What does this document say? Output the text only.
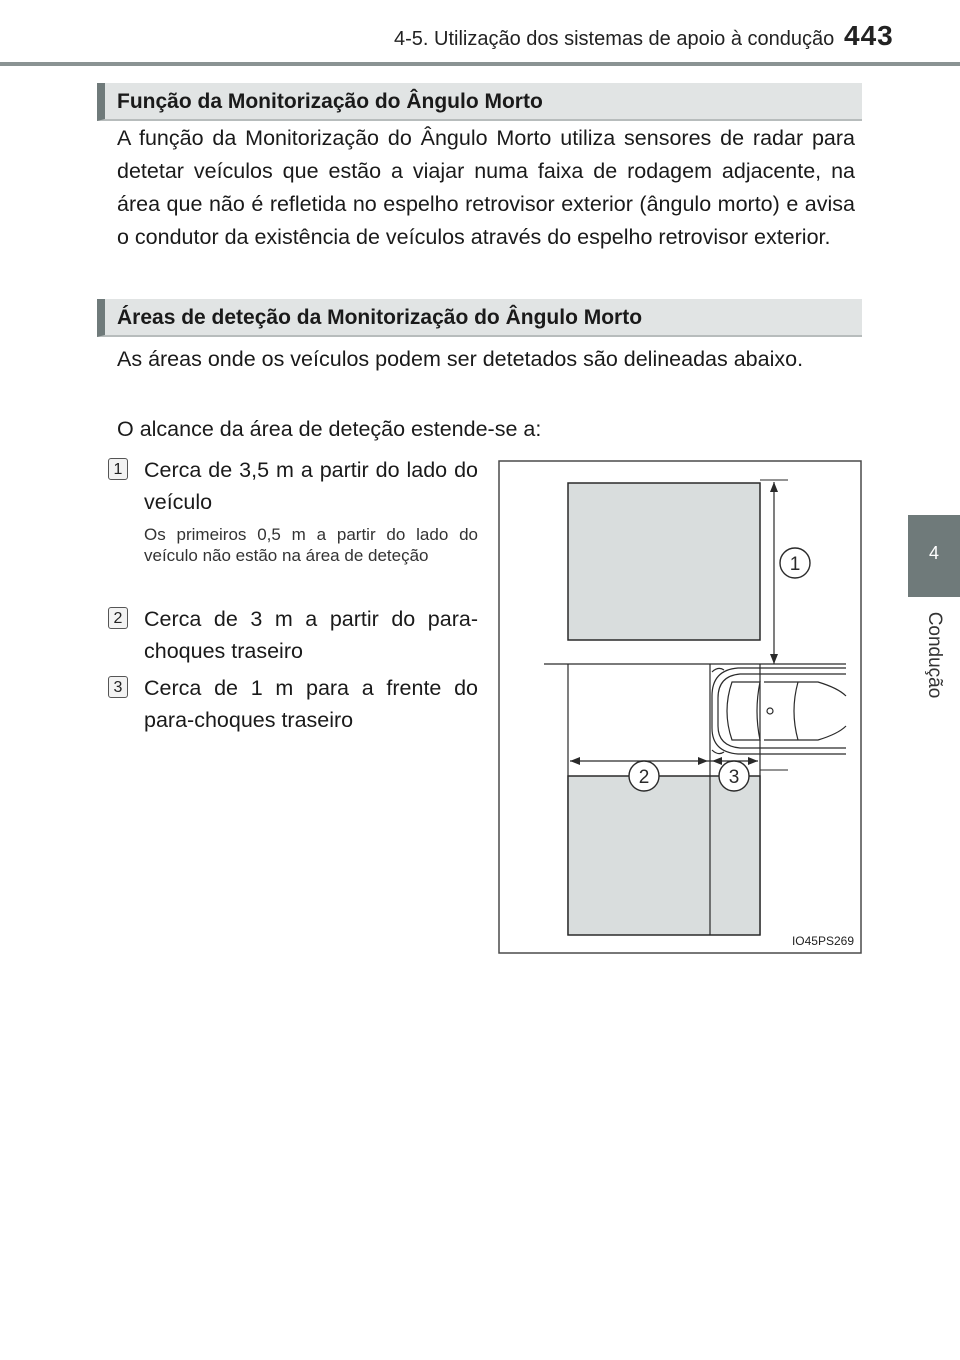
4-5. Utilização dos sistemas de apoio à condução 443
4
Condução
Função da Monitorização do Ângulo Morto
A função da Monitorização do Ângulo Morto utiliza sensores de radar para detetar veículos que estão a viajar numa faixa de rodagem adjacente, na área que não é refletida no espelho retrovisor exterior (ângulo morto) e avisa o condutor da existência de veículos através do espelho retrovisor exterior.
Áreas de deteção da Monitorização do Ângulo Morto
As áreas onde os veículos podem ser detetados são delineadas abaixo.
O alcance da área de deteção estende-se a:
1 Cerca de 3,5 m a partir do lado do veículo
Os primeiros 0,5 m a partir do lado do veículo não estão na área de deteção
2 Cerca de 3 m a partir do para-choques traseiro
3 Cerca de 1 m para a frente do para-choques traseiro
1
2	3
IO45PS269
